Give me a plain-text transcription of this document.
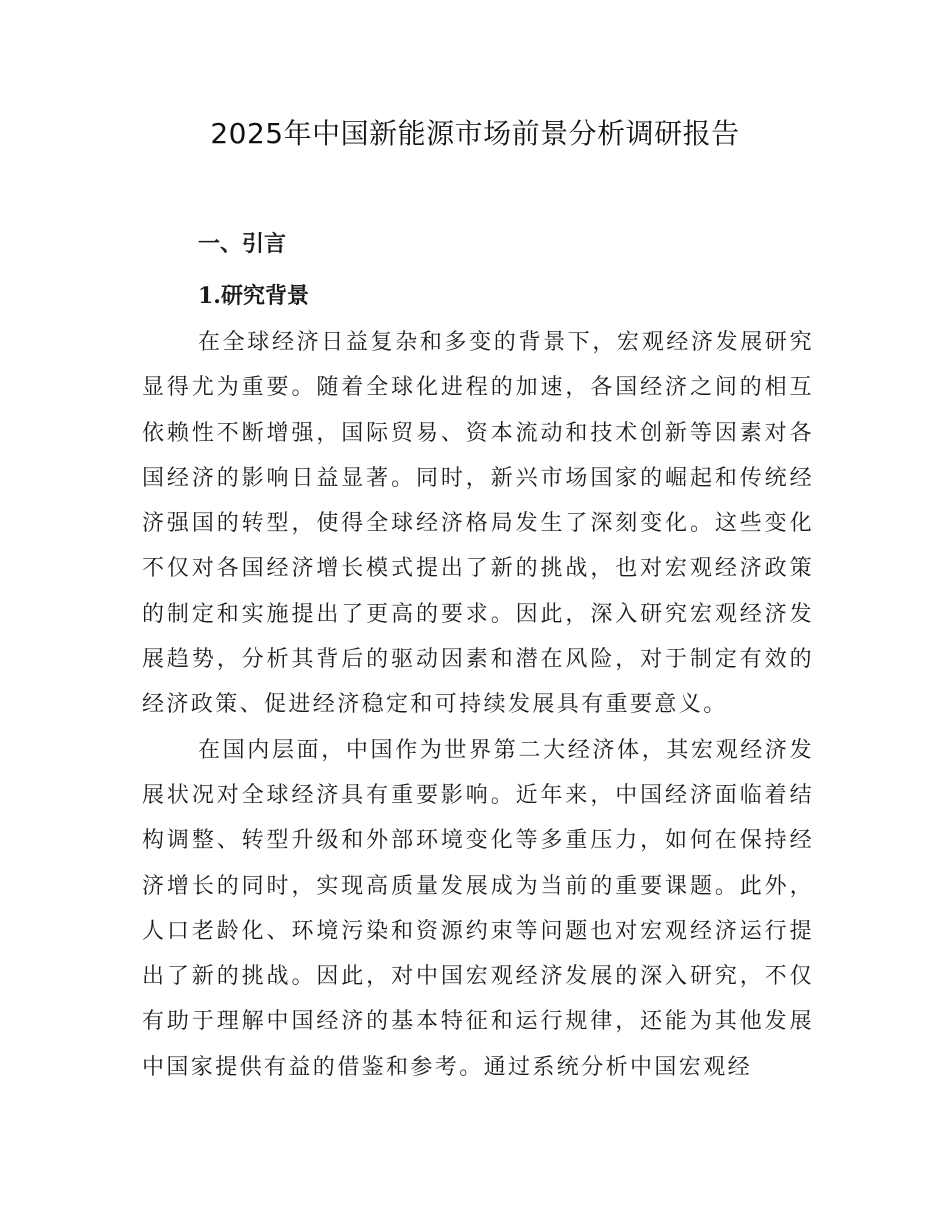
2025年中国新能源市场前景分析调研报告
一、引言
1.研究背景

在全球经济日益复杂和多变的背景下，宏观经济发展研究显得尤为重要。随着全球化进程的加速，各国经济之间的相互依赖性不断增强，国际贸易、资本流动和技术创新等因素对各国经济的影响日益显著。同时，新兴市场国家的崛起和传统经济强国的转型，使得全球经济格局发生了深刻变化。这些变化不仅对各国经济增长模式提出了新的挑战，也对宏观经济政策的制定和实施提出了更高的要求。因此，深入研究宏观经济发展趋势，分析其背后的驱动因素和潜在风险，对于制定有效的经济政策、促进经济稳定和可持续发展具有重要意义。

在国内层面，中国作为世界第二大经济体，其宏观经济发展状况对全球经济具有重要影响。近年来，中国经济面临着结构调整、转型升级和外部环境变化等多重压力，如何在保持经济增长的同时，实现高质量发展成为当前的重要课题。此外，人口老龄化、环境污染和资源约束等问题也对宏观经济运行提出了新的挑战。因此，对中国宏观经济发展的深入研究，不仅有助于理解中国经济的基本特征和运行规律，还能为其他发展中国家提供有益的借鉴和参考。通过系统分析中国宏观经
